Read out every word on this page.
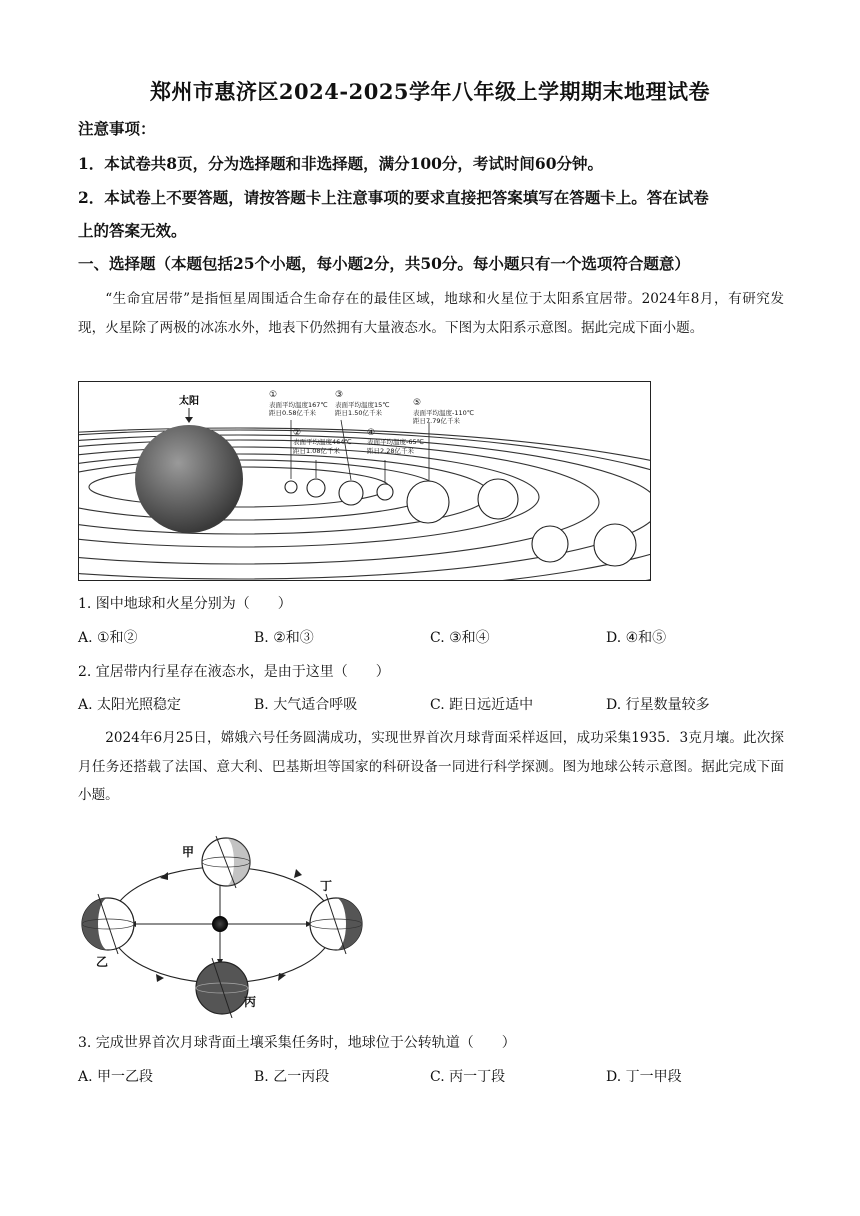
郑州市惠济区2024-2025学年八年级上学期期末地理试卷
注意事项：
1．本试卷共8页，分为选择题和非选择题，满分100分，考试时间60分钟。
2．本试卷上不要答题，请按答题卡上注意事项的要求直接把答案填写在答题卡上。答在试卷
上的答案无效。
一、选择题（本题包括25个小题，每小题2分，共50分。每小题只有一个选项符合题意）
“生命宜居带”是指恒星周围适合生命存在的最佳区域，地球和火星位于太阳系宜居带。2024年8月，有研究发现，火星除了两极的冰冻水外，地表下仍然拥有大量液态水。下图为太阳系示意图。据此完成下面小题。
太阳
①
表面平均温度167℃
距日0.58亿千米
②
表面平均温度464℃
距日1.08亿千米
③
表面平均温度15℃
距日1.50亿千米
④
表面平均温度-65℃
距日2.28亿千米
⑤
表面平均温度-110℃
距日7.79亿千米
1. 图中地球和火星分别为（　　）
A. ①和②	B. ②和③	C. ③和④	D. ④和⑤
2. 宜居带内行星存在液态水，是由于这里（　　）
A. 太阳光照稳定	B. 大气适合呼吸	C. 距日远近适中	D. 行星数量较多
2024年6月25日，嫦娥六号任务圆满成功，实现世界首次月球背面采样返回，成功采集1935．3克月壤。此次探月任务还搭载了法国、意大利、巴基斯坦等国家的科研设备一同进行科学探测。图为地球公转示意图。据此完成下面小题。
甲
乙
丙
丁
3. 完成世界首次月球背面土壤采集任务时，地球位于公转轨道（　　）
A. 甲一乙段	B. 乙一丙段	C. 丙一丁段	D. 丁一甲段
